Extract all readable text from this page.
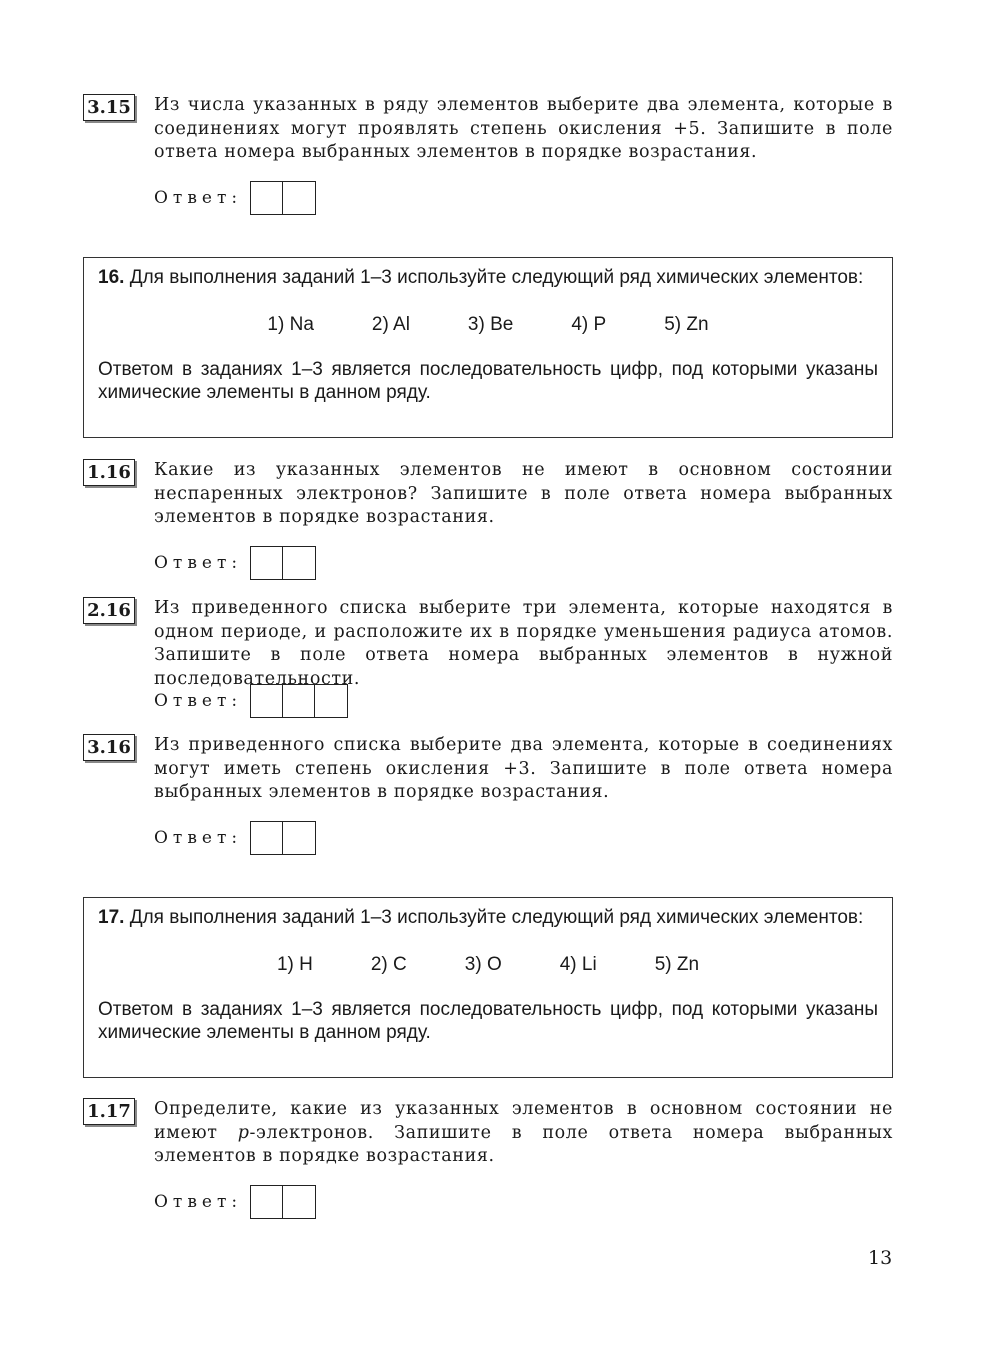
3.15 Из числа указанных в ряду элементов выберите два элемента, которые в соединениях могут проявлять степень окисления +5. Запишите в поле ответа номера выбранных элементов в порядке возрастания.

Ответ:
16. Для выполнения заданий 1–3 используйте следующий ряд химических элементов:
1) Na	2) Al	3) Be	4) P	5) Zn
Ответом в заданиях 1–3 является последовательность цифр, под которыми указаны химические элементы в данном ряду.
1.16 Какие из указанных элементов не имеют в основном состоянии неспаренных электронов? Запишите в поле ответа номера выбранных элементов в порядке возрастания.

Ответ:
2.16 Из приведенного списка выберите три элемента, которые находятся в одном периоде, и расположите их в порядке уменьшения радиуса атомов. Запишите в поле ответа номера выбранных элементов в нужной последовательности.

Ответ:
3.16 Из приведенного списка выберите два элемента, которые в соединениях могут иметь степень окисления +3. Запишите в поле ответа номера выбранных элементов в порядке возрастания.

Ответ:
17. Для выполнения заданий 1–3 используйте следующий ряд химических элементов:
1) H	2) C	3) O	4) Li	5) Zn
Ответом в заданиях 1–3 является последовательность цифр, под которыми указаны химические элементы в данном ряду.
1.17 Определите, какие из указанных элементов в основном состоянии не имеют p-электронов. Запишите в поле ответа номера выбранных элементов в порядке возрастания.

Ответ:
13
